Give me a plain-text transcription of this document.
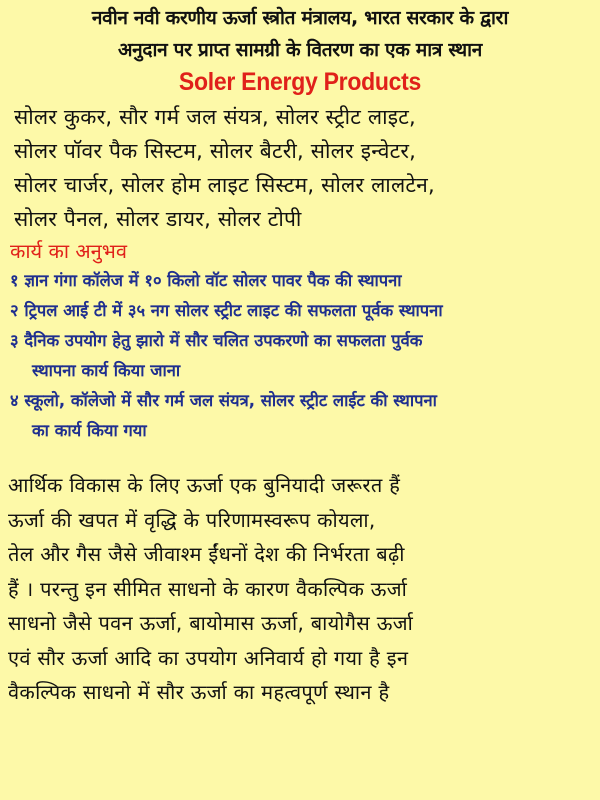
नवीन नवी करणीय ऊर्जा स्त्रोत मंत्रालय, भारत सरकार के द्वारा
अनुदान पर प्राप्त सामग्री के वितरण का एक मात्र स्थान
Soler Energy Products
सोलर कुकर, सौर गर्म जल संयत्र, सोलर स्ट्रीट लाइट,
सोलर पॉवर पैक सिस्टम, सोलर बैटरी, सोलर इन्वेटर,
सोलर चार्जर, सोलर होम लाइट सिस्टम, सोलर लालटेन,
सोलर पैनल, सोलर डायर, सोलर टोपी
कार्य का अनुभव
१ ज्ञान गंगा कॉलेज में १० किलो वॉट सोलर पावर पैक की स्थापना
२ ट्रिपल आई टी में ३५ नग सोलर स्ट्रीट लाइट की सफलता पूर्वक स्थापना
३ दैनिक उपयोग हेतु झारो में सौर चलित उपकरणो का सफलता पुर्वक
स्थापना कार्य किया जाना
४ स्कूलो, कॉलेजो में सौर गर्म जल संयत्र, सोलर स्ट्रीट लाईट की स्थापना
का कार्य किया गया
आर्थिक विकास के लिए ऊर्जा एक बुनियादी जरूरत हैं
ऊर्जा की खपत में वृद्धि के परिणामस्वरूप कोयला,
तेल और गैस जैसे जीवाश्म ईंधनों देश की निर्भरता बढ़ी
हैं । परन्तु इन सीमित साधनो के कारण वैकल्पिक ऊर्जा
साधनो जैसे पवन ऊर्जा, बायोमास ऊर्जा, बायोगैस ऊर्जा
एवं सौर ऊर्जा आदि का उपयोग अनिवार्य हो गया है इन
वैकल्पिक साधनो में सौर ऊर्जा का महत्वपूर्ण स्थान है
